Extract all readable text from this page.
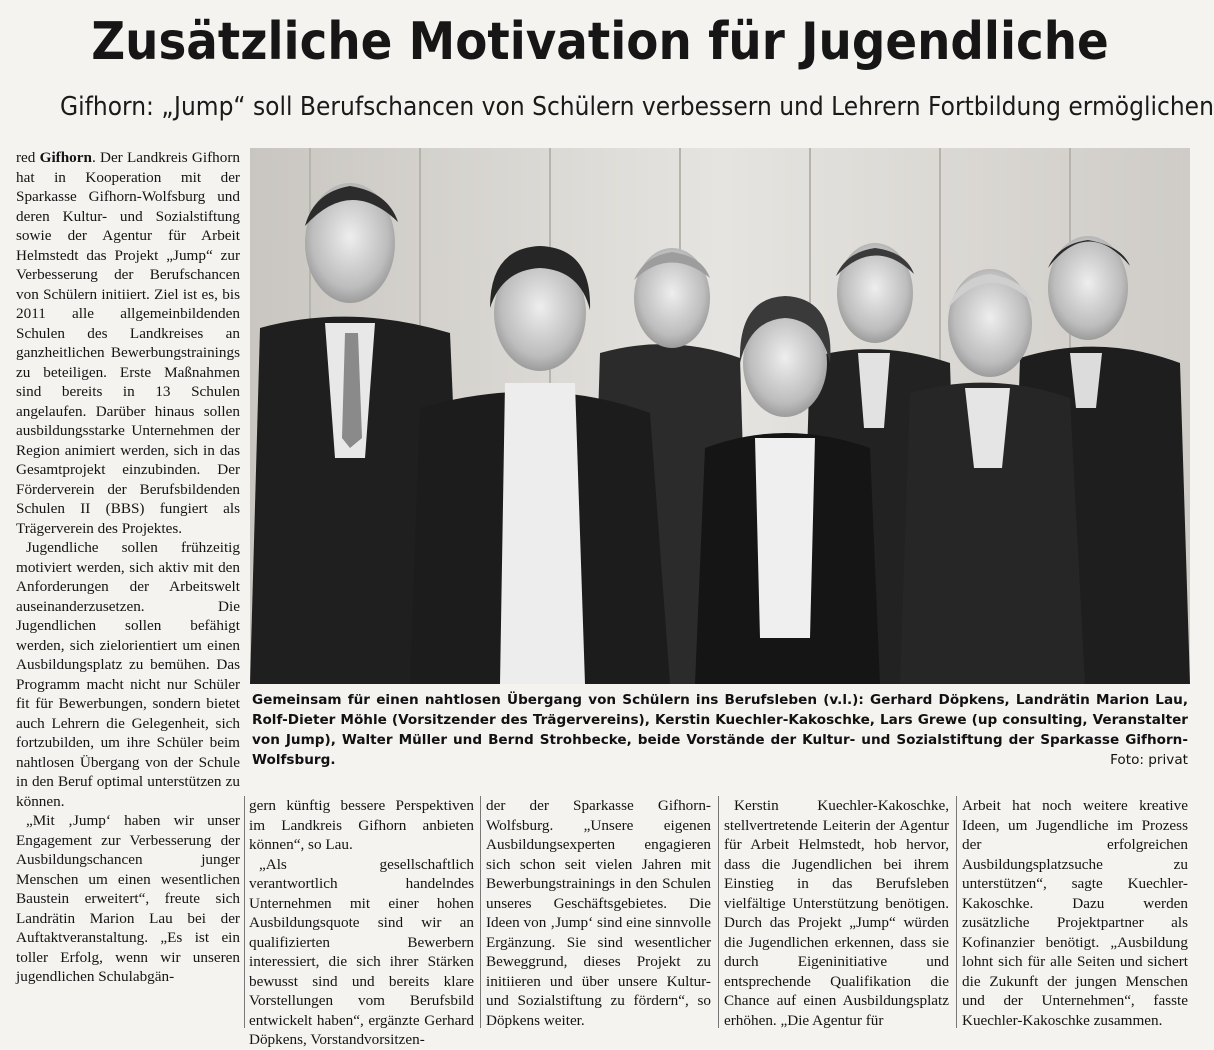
Zusätzliche Motivation für Jugendliche
Gifhorn: „Jump“ soll Berufschancen von Schülern verbessern und Lehrern Fortbildung ermöglichen

red Gifhorn. Der Landkreis Gifhorn hat in Kooperation mit der Sparkasse Gifhorn-Wolfsburg und deren Kultur- und Sozialstiftung sowie der Agentur für Arbeit Helmstedt das Projekt „Jump“ zur Verbesserung der Berufschancen von Schülern initiiert. Ziel ist es, bis 2011 alle allgemeinbildenden Schulen des Landkreises an ganzheitlichen Bewerbungstrainings zu beteiligen. Erste Maßnahmen sind bereits in 13 Schulen angelaufen. Darüber hinaus sollen ausbildungsstarke Unternehmen der Region animiert werden, sich in das Gesamtprojekt einzubinden. Der Förderverein der Berufsbildenden Schulen II (BBS) fungiert als Trägerverein des Projektes.

Jugendliche sollen frühzeitig motiviert werden, sich aktiv mit den Anforderungen der Arbeitswelt auseinanderzusetzen. Die Jugendlichen sollen befähigt werden, sich zielorientiert um einen Ausbildungsplatz zu bemühen. Das Programm macht nicht nur Schüler fit für Bewerbungen, sondern bietet auch Lehrern die Gelegenheit, sich fortzubilden, um ihre Schüler beim nahtlosen Übergang von der Schule in den Beruf optimal unterstützen zu können.

„Mit ‚Jump‘ haben wir unser Engagement zur Verbesserung der Ausbildungschancen junger Menschen um einen wesentlichen Baustein erweitert“, freute sich Landrätin Marion Lau bei der Auftaktveranstaltung. „Es ist ein toller Erfolg, wenn wir unseren jugendlichen Schulabgän-

Gemeinsam für einen nahtlosen Übergang von Schülern ins Berufsleben (v.l.): Gerhard Döpkens, Landrätin Marion Lau, Rolf-Dieter Möhle (Vorsitzender des Trägervereins), Kerstin Kuechler-Kakoschke, Lars Grewe (up consulting, Veranstalter von Jump), Walter Müller und Bernd Strohbecke, beide Vorstände der Kultur- und Sozialstiftung der Sparkasse Gifhorn-Wolfsburg.	Foto: privat

gern künftig bessere Perspektiven im Landkreis Gifhorn anbieten können“, so Lau.

„Als gesellschaftlich verantwortlich handelndes Unternehmen mit einer hohen Ausbildungsquote sind wir an qualifizierten Bewerbern interessiert, die sich ihrer Stärken bewusst sind und bereits klare Vorstellungen vom Berufsbild entwickelt haben“, ergänzte Gerhard Döpkens, Vorstandvorsitzen-

der der Sparkasse Gifhorn-Wolfsburg. „Unsere eigenen Ausbildungsexperten engagieren sich schon seit vielen Jahren mit Bewerbungstrainings in den Schulen unseres Geschäftsgebietes. Die Ideen von ‚Jump‘ sind eine sinnvolle Ergänzung. Sie sind wesentlicher Beweggrund, dieses Projekt zu initiieren und über unsere Kultur- und Sozialstiftung zu fördern“, so Döpkens weiter.

Kerstin Kuechler-Kakoschke, stellvertretende Leiterin der Agentur für Arbeit Helmstedt, hob hervor, dass die Jugendlichen bei ihrem Einstieg in das Berufsleben vielfältige Unterstützung benötigen. Durch das Projekt „Jump“ würden die Jugendlichen erkennen, dass sie durch Eigeninitiative und entsprechende Qualifikation die Chance auf einen Ausbildungsplatz erhöhen. „Die Agentur für

Arbeit hat noch weitere kreative Ideen, um Jugendliche im Prozess der erfolgreichen Ausbildungsplatzsuche zu unterstützen“, sagte Kuechler-Kakoschke. Dazu werden zusätzliche Projektpartner als Kofinanzier benötigt. „Ausbildung lohnt sich für alle Seiten und sichert die Zukunft der jungen Menschen und der Unternehmen“, fasste Kuechler-Kakoschke zusammen.
